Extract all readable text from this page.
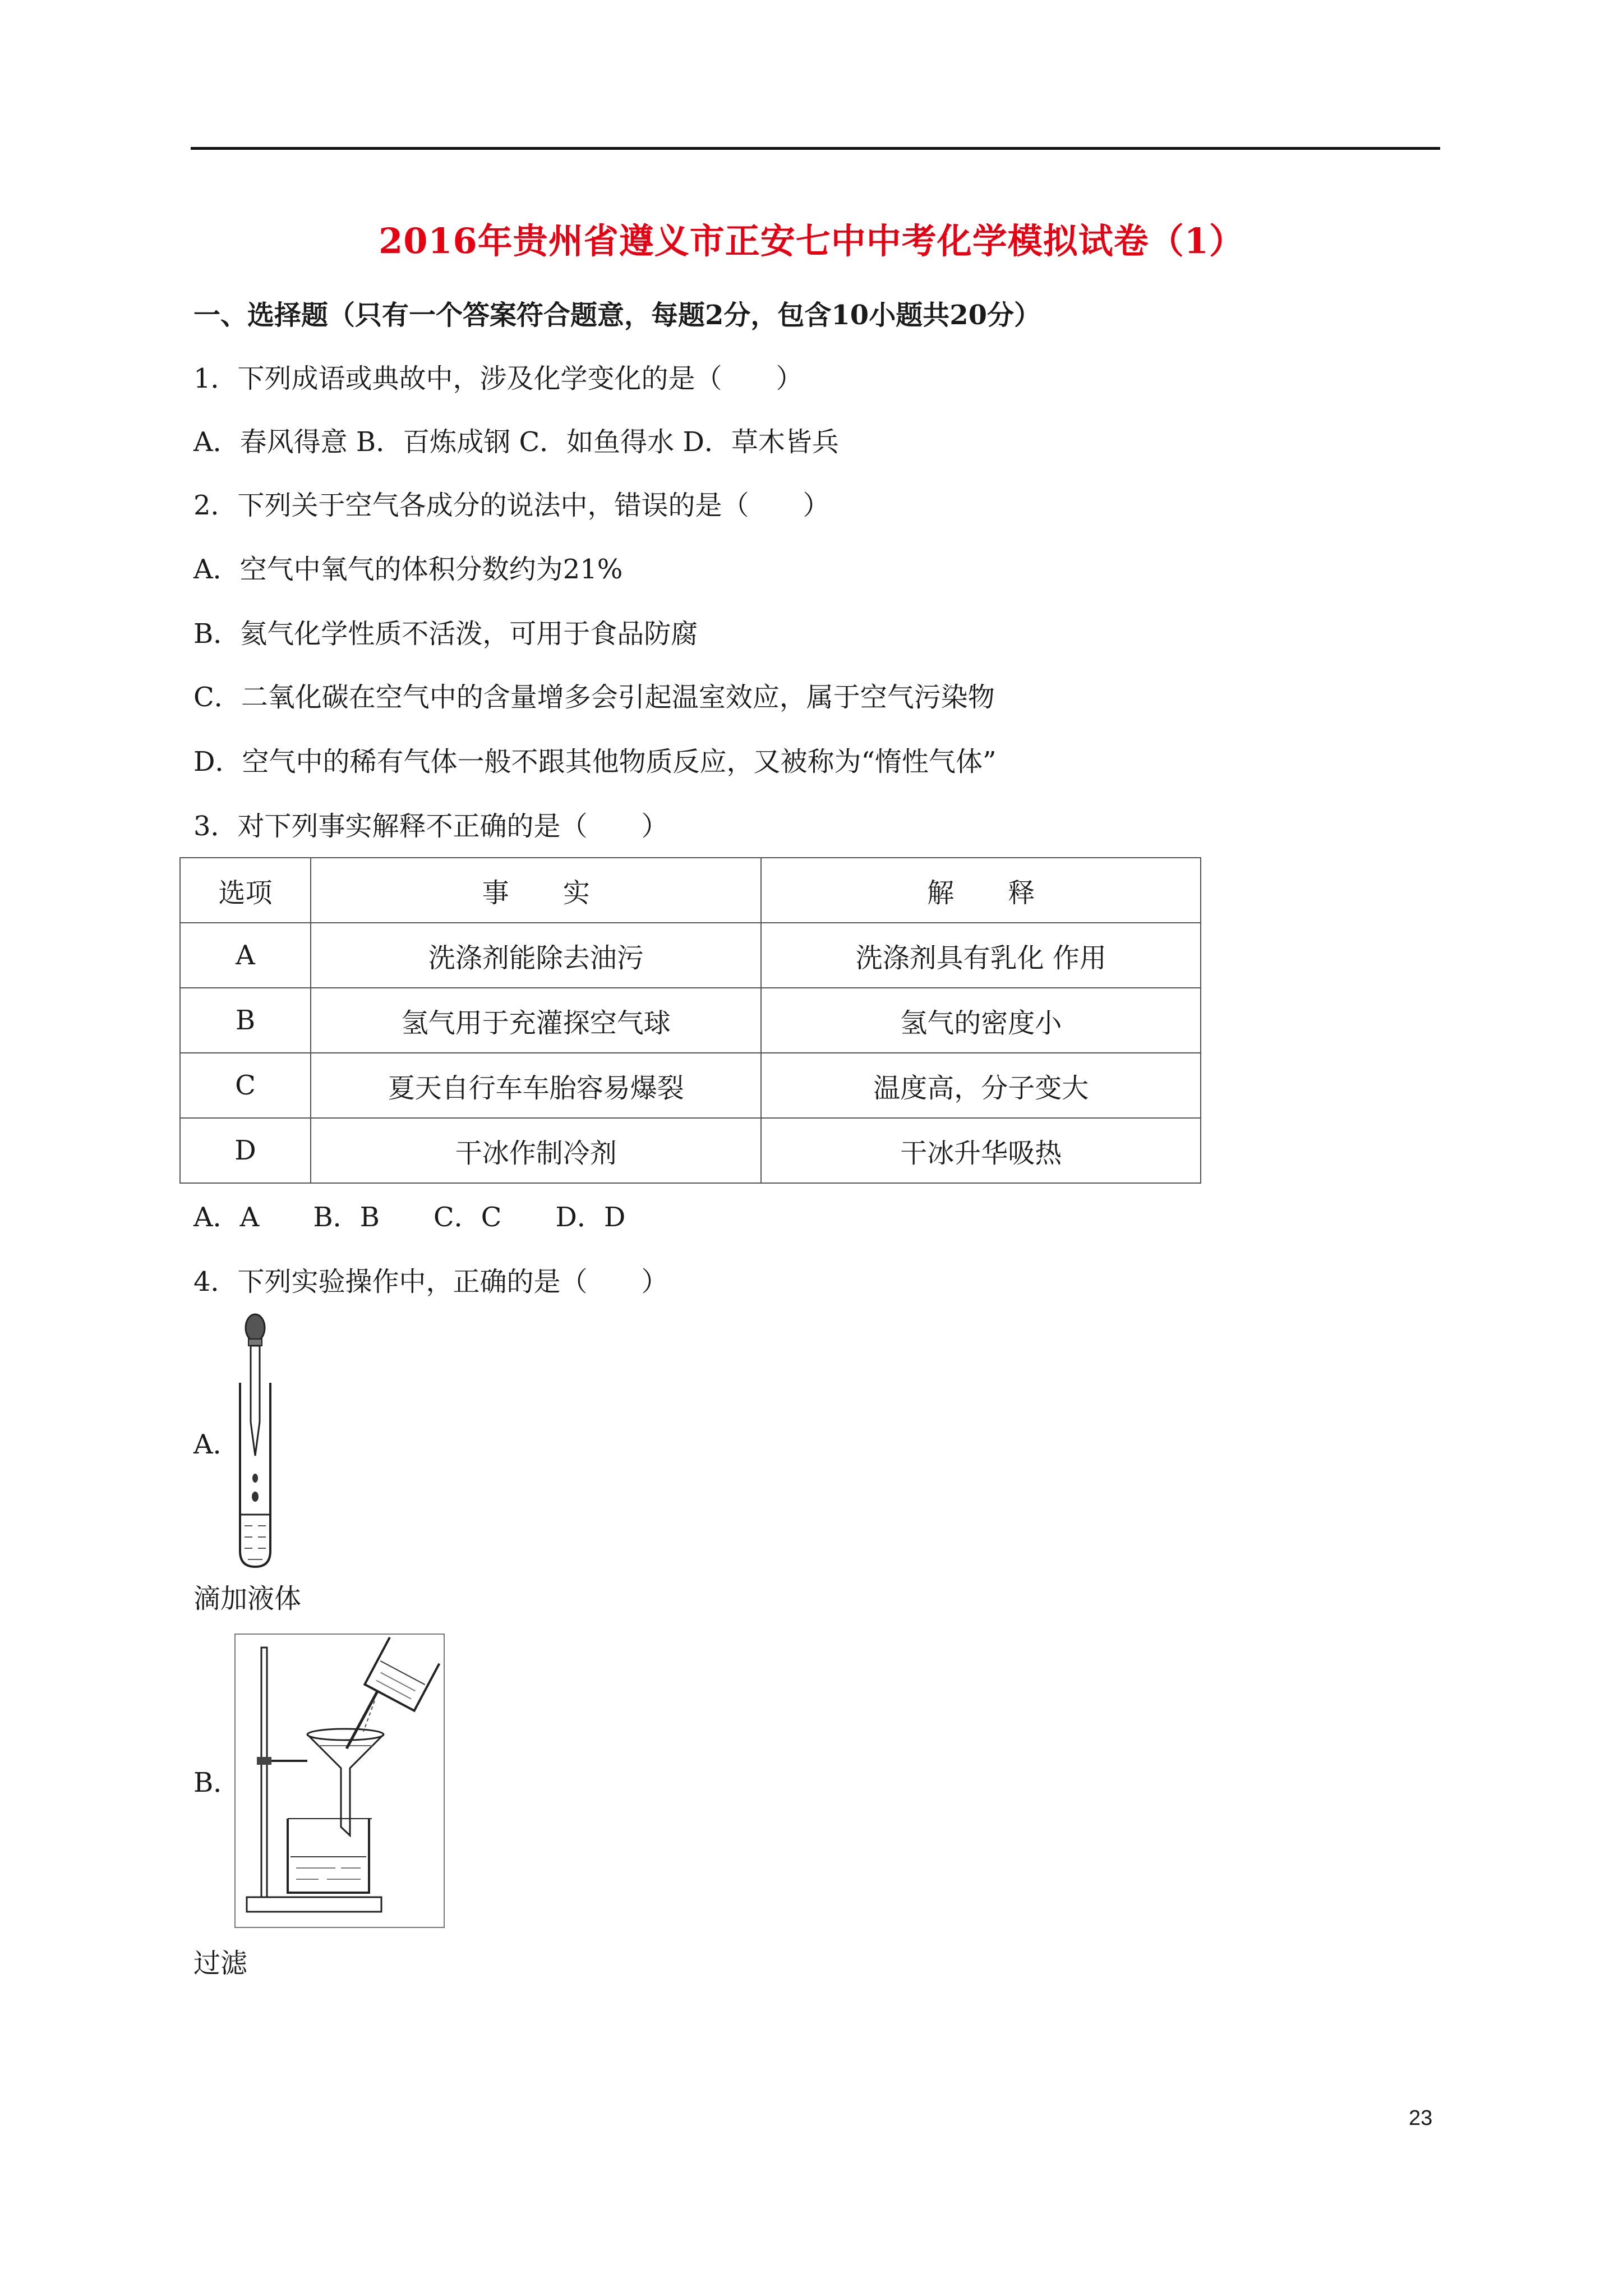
2016年贵州省遵义市正安七中中考化学模拟试卷（1）
一、选择题（只有一个答案符合题意，每题2分，包含10小题共20分）
1．下列成语或典故中，涉及化学变化的是（　　）
A．春风得意 B．百炼成钢 C．如鱼得水 D．草木皆兵
2．下列关于空气各成分的说法中，错误的是（　　）
A．空气中氧气的体积分数约为21%
B．氦气化学性质不活泼，可用于食品防腐
C．二氧化碳在空气中的含量增多会引起温室效应，属于空气污染物
D．空气中的稀有气体一般不跟其他物质反应，又被称为“惰性气体”
3．对下列事实解释不正确的是（　　）
选项	事　　实	解　　释
A	洗涤剂能除去油污	洗涤剂具有乳化 作用
B	氢气用于充灌探空气球	氢气的密度小
C	夏天自行车车胎容易爆裂	温度高，分子变大
D	干冰作制冷剂	干冰升华吸热
A．A　　B．B　　C．C　　D．D
4．下列实验操作中，正确的是（　　）
A．
滴加液体
B．
过滤
23
